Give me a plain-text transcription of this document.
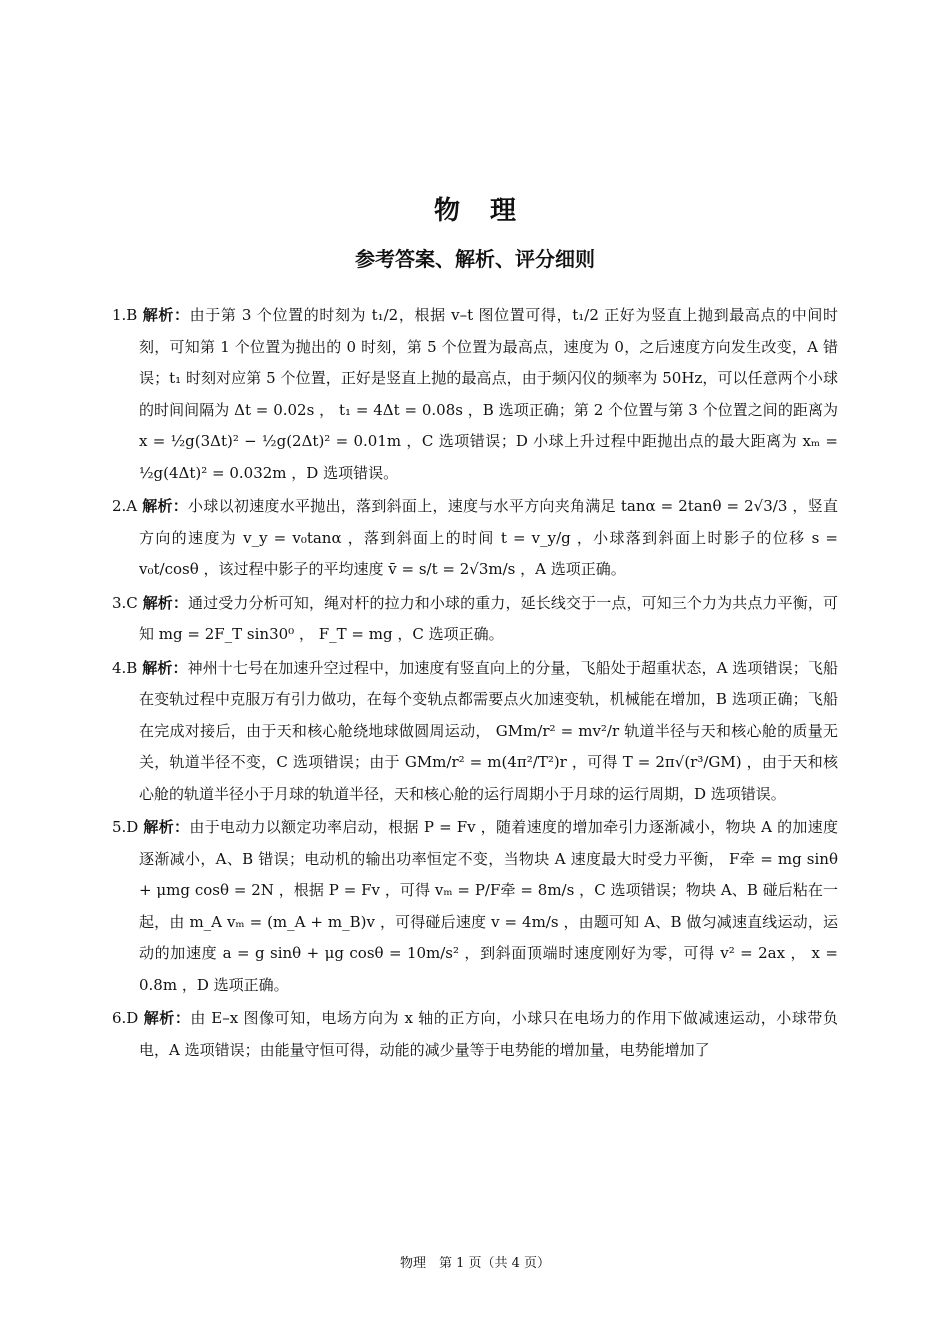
物理
参考答案、解析、评分细则

1.B 解析：由于第 3 个位置的时刻为 t₁/2，根据 v–t 图位置可得，t₁/2 正好为竖直上抛到最高点的中间时刻，可知第 1 个位置为抛出的 0 时刻，第 5 个位置为最高点，速度为 0，之后速度方向发生改变，A 错误；t₁ 时刻对应第 5 个位置，正好是竖直上抛的最高点，由于频闪仪的频率为 50Hz，可以任意两个小球的时间间隔为 Δt = 0.02s ， t₁ = 4Δt = 0.08s ，B 选项正确；第 2 个位置与第 3 个位置之间的距离为 x = ½g(3Δt)² − ½g(2Δt)² = 0.01m ，C 选项错误；D 小球上升过程中距抛出点的最大距离为 xₘ = ½g(4Δt)² = 0.032m ，D 选项错误。

2.A 解析：小球以初速度水平抛出，落到斜面上，速度与水平方向夹角满足 tanα = 2tanθ = 2√3/3 ，竖直方向的速度为 v_y = v₀tanα ，落到斜面上的时间 t = v_y/g ，小球落到斜面上时影子的位移 s = v₀t/cosθ ，该过程中影子的平均速度 v̄ = s/t = 2√3m/s ，A 选项正确。

3.C 解析：通过受力分析可知，绳对杆的拉力和小球的重力，延长线交于一点，可知三个力为共点力平衡，可知 mg = 2F_T sin30⁰ ， F_T = mg ，C 选项正确。

4.B 解析：神州十七号在加速升空过程中，加速度有竖直向上的分量，飞船处于超重状态，A 选项错误；飞船在变轨过程中克服万有引力做功，在每个变轨点都需要点火加速变轨，机械能在增加，B 选项正确；飞船在完成对接后，由于天和核心舱绕地球做圆周运动， GMm/r² = mv²/r 轨道半径与天和核心舱的质量无关，轨道半径不变，C 选项错误；由于 GMm/r² = m(4π²/T²)r ，可得 T = 2π√(r³/GM) ，由于天和核心舱的轨道半径小于月球的轨道半径，天和核心舱的运行周期小于月球的运行周期，D 选项错误。

5.D 解析：由于电动力以额定功率启动，根据 P = Fv ，随着速度的增加牵引力逐渐减小，物块 A 的加速度逐渐减小，A、B 错误；电动机的输出功率恒定不变，当物块 A 速度最大时受力平衡， F牵 = mg sinθ + μmg cosθ = 2N ，根据 P = Fv ，可得 vₘ = P/F牵 = 8m/s ，C 选项错误；物块 A、B 碰后粘在一起，由 m_A vₘ = (m_A + m_B)v ，可得碰后速度 v = 4m/s ，由题可知 A、B 做匀减速直线运动，运动的加速度 a = g sinθ + μg cosθ = 10m/s² ，到斜面顶端时速度刚好为零，可得 v² = 2ax ， x = 0.8m ，D 选项正确。

6.D 解析：由 E–x 图像可知，电场方向为 x 轴的正方向，小球只在电场力的作用下做减速运动，小球带负电，A 选项错误；由能量守恒可得，动能的减少量等于电势能的增加量，电势能增加了

物理　第 1 页（共 4 页）
